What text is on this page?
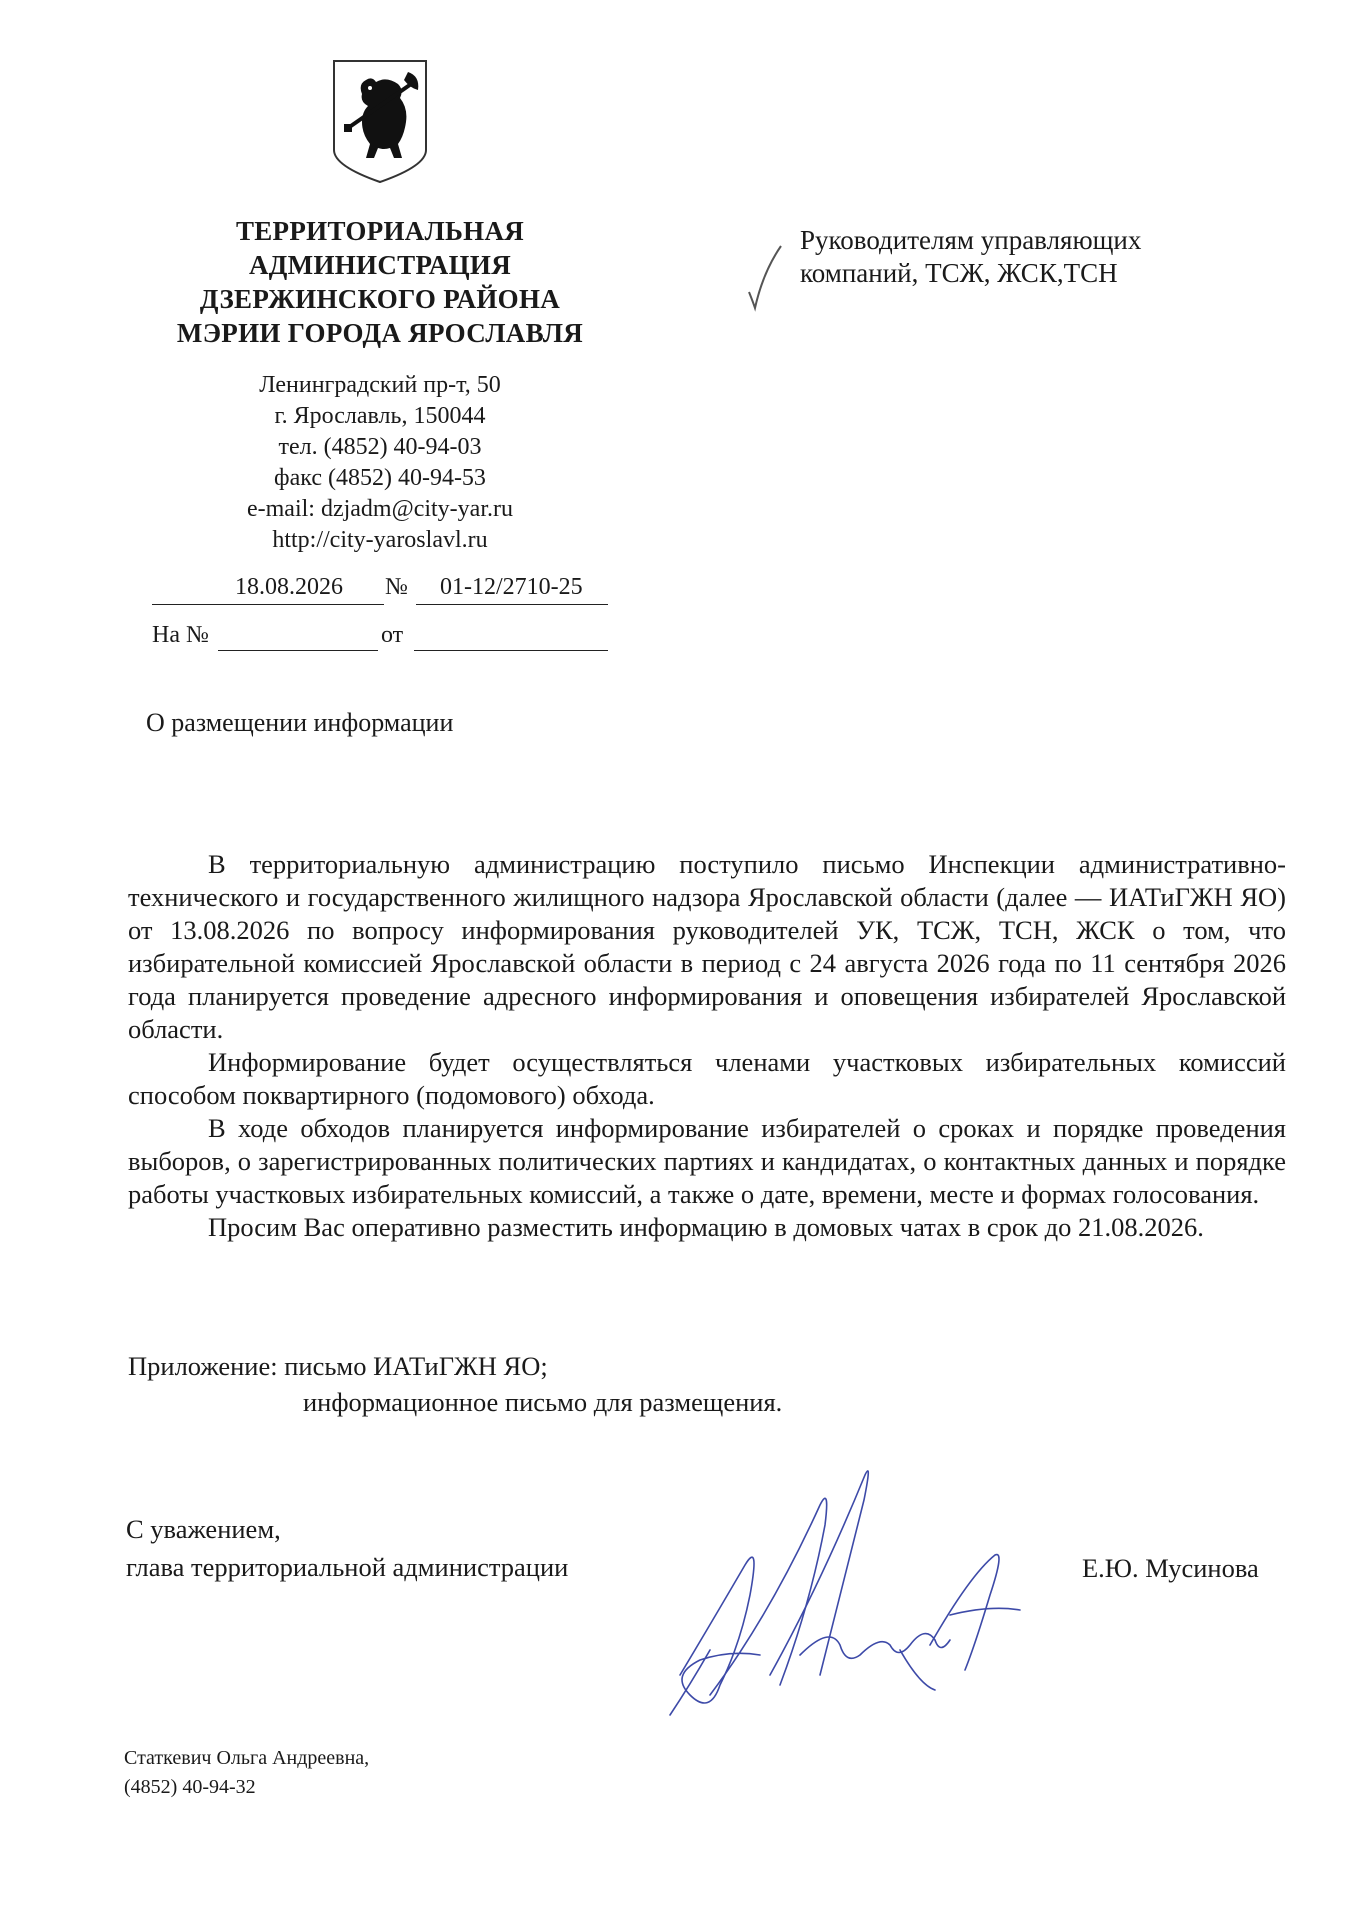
ТЕРРИТОРИАЛЬНАЯ
АДМИНИСТРАЦИЯ
ДЗЕРЖИНСКОГО РАЙОНА
МЭРИИ ГОРОДА ЯРОСЛАВЛЯ
Ленинградский пр-т, 50
г. Ярославль, 150044
тел. (4852) 40-94-03
факс (4852) 40-94-53
e-mail: dzjadm@city-yar.ru
http://city-yaroslavl.ru
18.08.2026 № 01-12/2710-25
На №	от
Руководителям управляющих
компаний, ТСЖ, ЖСК,ТСН
О размещении информации

В территориальную администрацию поступило письмо Инспекции административно-технического и государственного жилищного надзора Ярославской области (далее — ИАТиГЖН ЯО) от 13.08.2026 по вопросу информирования руководителей УК, ТСЖ, ТСН, ЖСК о том, что избирательной комиссией Ярославской области в период с 24 августа 2026 года по 11 сентября 2026 года планируется проведение адресного информирования и оповещения избирателей Ярославской области.

Информирование будет осуществляться членами участковых избирательных комиссий способом поквартирного (подомового) обхода.

В ходе обходов планируется информирование избирателей о сроках и порядке проведения выборов, о зарегистрированных политических партиях и кандидатах, о контактных данных и порядке работы участковых избирательных комиссий, а также о дате, времени, месте и формах голосования.

Просим Вас оперативно разместить информацию в домовых чатах в срок до 21.08.2026.

Приложение: письмо ИАТиГЖН ЯО;
информационное письмо для размещения.
С уважением,
глава территориальной администрации	Е.Ю. Мусинова
Статкевич Ольга Андреевна,
(4852) 40-94-32
